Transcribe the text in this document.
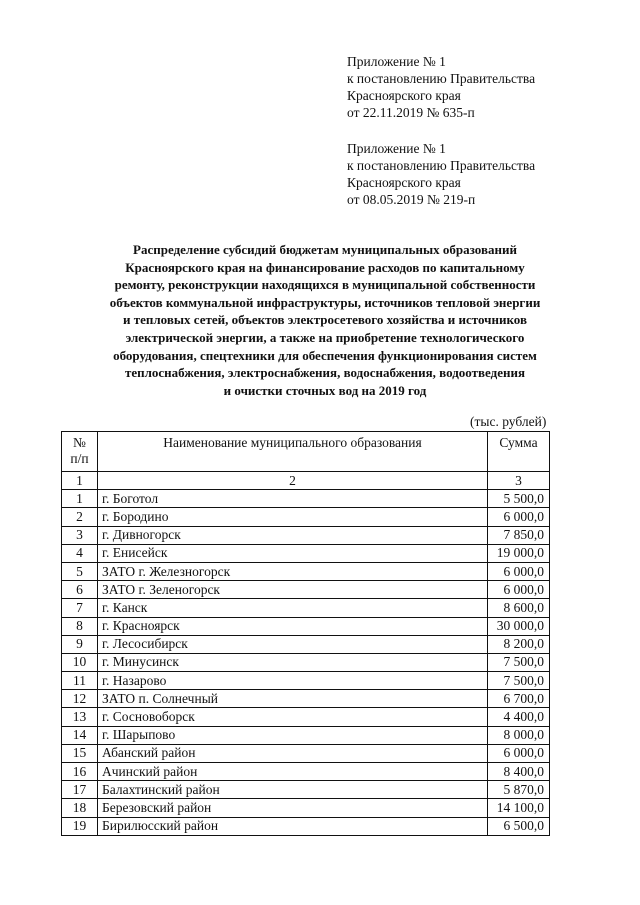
Приложение № 1
к постановлению Правительства
Красноярского края
от 22.11.2019 № 635-п
Приложение № 1
к постановлению Правительства
Красноярского края
от 08.05.2019 № 219-п
Распределение субсидий бюджетам муниципальных образований
Красноярского края на финансирование расходов по капитальному
ремонту, реконструкции находящихся в муниципальной собственности
объектов коммунальной инфраструктуры, источников тепловой энергии
и тепловых сетей, объектов электросетевого хозяйства и источников
электрической энергии, а также на приобретение технологического
оборудования, спецтехники для обеспечения функционирования систем
теплоснабжения, электроснабжения, водоснабжения, водоотведения
и очистки сточных вод на 2019 год
(тыс. рублей)
№ п/п	Наименование муниципального образования	Сумма
1	2	3
1	г. Боготол	5 500,0
2	г. Бородино	6 000,0
3	г. Дивногорск	7 850,0
4	г. Енисейск	19 000,0
5	ЗАТО г. Железногорск	6 000,0
6	ЗАТО г. Зеленогорск	6 000,0
7	г. Канск	8 600,0
8	г. Красноярск	30 000,0
9	г. Лесосибирск	8 200,0
10	г. Минусинск	7 500,0
11	г. Назарово	7 500,0
12	ЗАТО п. Солнечный	6 700,0
13	г. Сосновоборск	4 400,0
14	г. Шарыпово	8 000,0
15	Абанский район	6 000,0
16	Ачинский район	8 400,0
17	Балахтинский район	5 870,0
18	Березовский район	14 100,0
19	Бирилюсский район	6 500,0
